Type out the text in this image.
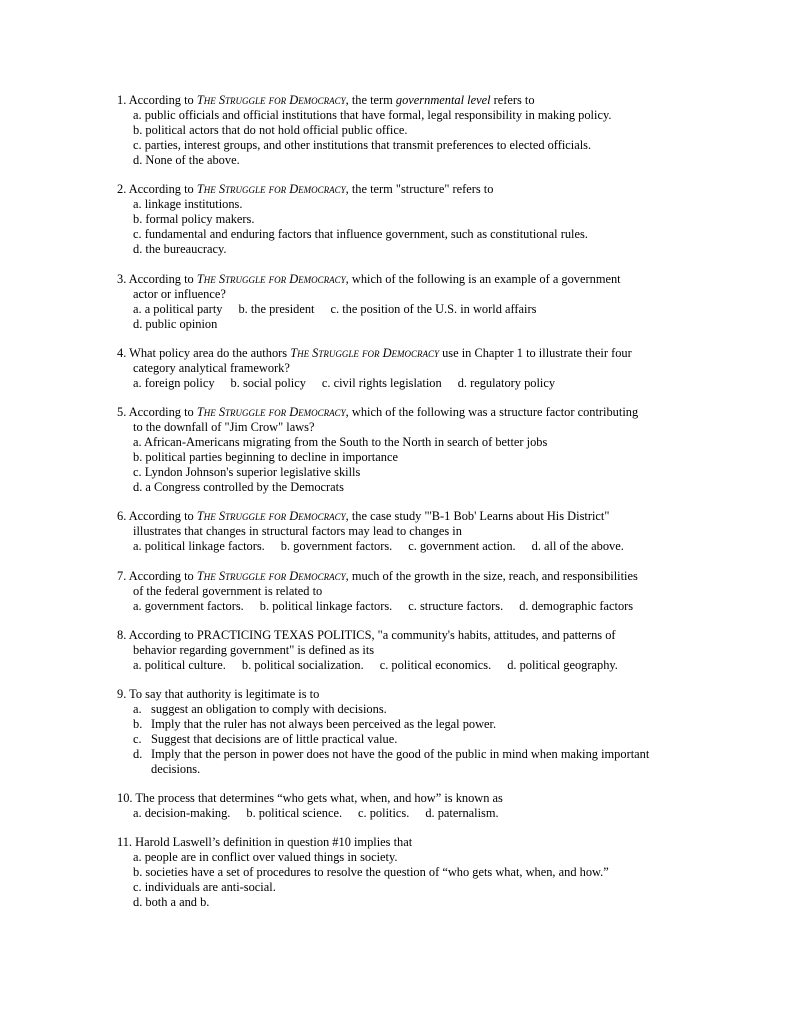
1. According to The Struggle for Democracy, the term governmental level refers to
a. public officials and official institutions that have formal, legal responsibility in making policy.
b. political actors that do not hold official public office.
c. parties, interest groups, and other institutions that transmit preferences to elected officials.
d. None of the above.
2. According to The Struggle for Democracy, the term "structure" refers to
a. linkage institutions.
b. formal policy makers.
c. fundamental and enduring factors that influence government, such as constitutional rules.
d. the bureaucracy.
3. According to The Struggle for Democracy, which of the following is an example of a government
actor or influence?
a. a political party b. the president c. the position of the U.S. in world affairs
d. public opinion
4. What policy area do the authors The Struggle for Democracy use in Chapter 1 to illustrate their four
category analytical framework?
a. foreign policy b. social policy c. civil rights legislation d. regulatory policy
5. According to The Struggle for Democracy, which of the following was a structure factor contributing
to the downfall of "Jim Crow" laws?
a. African-Americans migrating from the South to the North in search of better jobs
b. political parties beginning to decline in importance
c. Lyndon Johnson's superior legislative skills
d. a Congress controlled by the Democrats
6. According to The Struggle for Democracy, the case study "'B-1 Bob' Learns about His District"
illustrates that changes in structural factors may lead to changes in
a. political linkage factors. b. government factors. c. government action. d. all of the above.
7. According to The Struggle for Democracy, much of the growth in the size, reach, and responsibilities
of the federal government is related to
a. government factors. b. political linkage factors. c. structure factors. d. demographic factors
8. According to PRACTICING TEXAS POLITICS, "a community's habits, attitudes, and patterns of
behavior regarding government" is defined as its
a. political culture. b. political socialization. c. political economics. d. political geography.
9. To say that authority is legitimate is to
a. suggest an obligation to comply with decisions.
b. Imply that the ruler has not always been perceived as the legal power.
c. Suggest that decisions are of little practical value.
d. Imply that the person in power does not have the good of the public in mind when making important
decisions.
10. The process that determines “who gets what, when, and how” is known as
a. decision-making. b. political science. c. politics. d. paternalism.
11. Harold Laswell’s definition in question #10 implies that
a. people are in conflict over valued things in society.
b. societies have a set of procedures to resolve the question of “who gets what, when, and how.”
c. individuals are anti-social.
d. both a and b.
